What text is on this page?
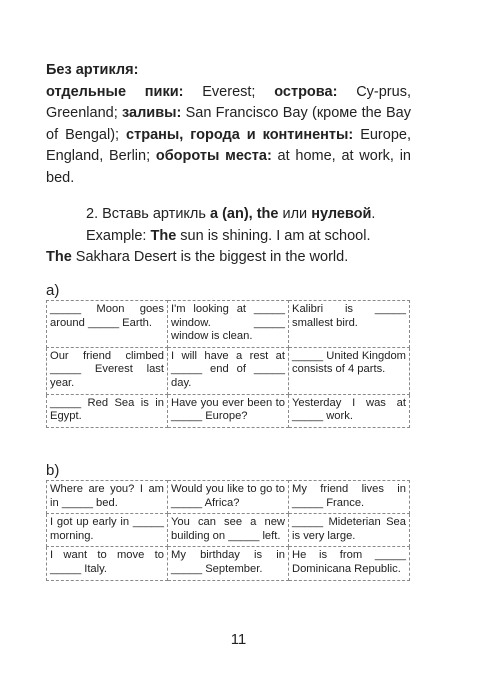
Без артикля:

отдельные пики: Everest; острова: Cy-prus, Greenland; заливы: San Francisco Bay (кроме the Bay of Bengal); страны, города и континенты: Europe, England, Berlin; обороты места: at home, at work, in bed.

2. Вставь артикль a (an), the или нулевой.

Example: The sun is shining. I am at school.

The Sakhara Desert is the biggest in the world.

a)
_____ Moon goes around _____ Earth.	I'm looking at _____ window. _____ window is clean.	Kalibri is _____ smallest bird.
Our friend climbed _____ Everest last year.	I will have a rest at _____ end of _____ day.	_____ United Kingdom consists of 4 parts.
_____ Red Sea is in Egypt.	Have you ever been to _____ Europe?	Yesterday I was at _____ work.
b)
Where are you? I am in _____ bed.	Would you like to go to _____ Africa?	My friend lives in _____ France.
I got up early in _____ morning.	You can see a new building on _____ left.	_____ Mideterian Sea is very large.
I want to move to _____ Italy.	My birthday is in _____ September.	He is from _____ Dominicana Republic.
11
